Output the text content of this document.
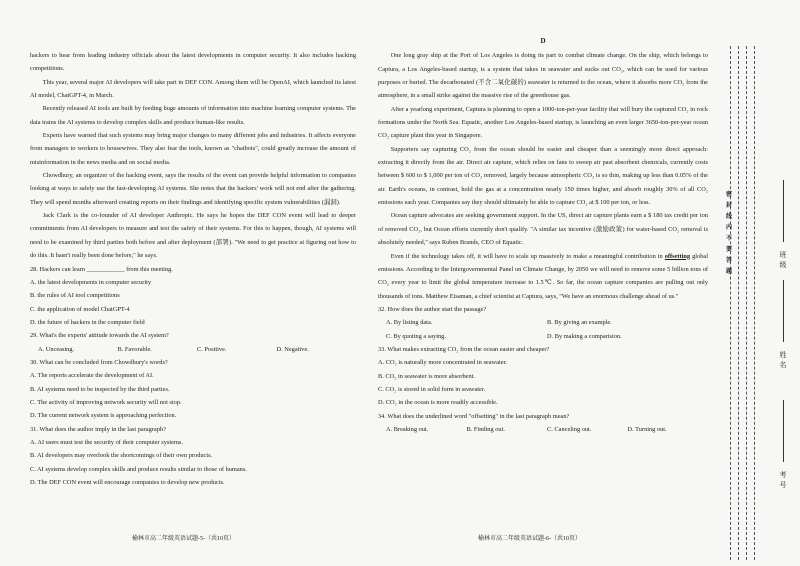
hackers to hear from leading industry officials about the latest developments in computer security. It also includes hacking competitions.

This year, several major AI developers will take part in DEF CON. Among them will be OpenAI, which launched its latest AI model, ChatGPT-4, in March.

Recently released AI tools are built by feeding huge amounts of information into machine learning computer systems. The data trains the AI systems to develop complex skills and produce human-like results.

Experts have warned that such systems may bring major changes to many different jobs and industries. It affects everyone from managers to workers to housewives. They also fear the tools, known as "chatbots", could greatly increase the amount of misinformation in the news media and on social media.

Chowdhury, an organizer of the hacking event, says the results of the event can provide helpful information to companies looking at ways to safely use the fast-developing AI systems. She notes that the hackers' work will not end after the gathering. They will spend months afterward creating reports on their findings and identifying specific system vulnerabilities (漏洞).

Jack Clark is the co-founder of AI developer Anthropic. He says he hopes the DEF CON event will lead to deeper commitments from AI developers to measure and test the safety of their systems. For this to happen, though, AI systems will need to be examined by third parties both before and after deployment (部署). "We need to get practice at figuring out how to do this. It hasn't really been done before," he says.

28. Hackers can learn ____________ from this meeting.

A. the latest developments in computer security

B. the rules of AI tool competitions

C. the application of model ChatGPT-4

D. the future of hackers in the computer field

29. What's the experts' attitude towards the AI system?

A. Unceasing.	B. Favorable.	C. Positive.	D. Negative.

30. What can be concluded from Chowdhury's words?

A. The reports accelerate the development of AI.

B. AI systems need to be inspected by the third parties.

C. The activity of improving network security will not stop.

D. The current network system is approaching perfection.

31. What does the author imply in the last paragraph?

A. AI users must test the security of their computer systems.

B. AI developers may overlook the shortcomings of their own products.

C. AI systems develop complex skills and produce results similar to those of humans.

D. The DEF CON event will encourage companies to develop new products.

D

One long gray ship at the Port of Los Angeles is doing its part to combat climate change. On the ship, which belongs to Captura, a Los Angeles-based startup, is a system that takes in seawater and sucks out CO₂, which can be used for various purposes or buried. The decarbonated (不含二氧化碳的) seawater is returned to the ocean, where it absorbs more CO₂ from the atmosphere, in a small strike against the massive rise of the greenhouse gas.

After a yearlong experiment, Captura is planning to open a 1000-ton-per-year facility that will bury the captured CO₂ in rock formations under the North Sea. Equatic, another Los Angeles-based startup, is launching an even larger 3650-ton-per-year ocean CO₂ capture plant this year in Singapore.

Supporters say capturing CO₂ from the ocean should be easier and cheaper than a seemingly more direct approach: extracting it directly from the air. Direct air capture, which relies on fans to sweep air past absorbent chemicals, currently costs between $ 600 to $ 1,000 per ton of CO₂ removed, largely because atmospheric CO₂ is so thin, making up less than 0.05% of the air. Earth's oceans, in contrast, hold the gas at a concentration nearly 150 times higher, and absorb roughly 30% of all CO₂ emissions each year. Companies say they should ultimately be able to capture CO₂ at $ 100 per ton, or less.

Ocean capture advocates are seeking government support. In the US, direct air capture plants earn a $ 180 tax credit per ton of removed CO₂, but Ocean efforts currently don't qualify. "A similar tax incentive (激励政策) for water-based CO₂ removal is absolutely needed," says Ruben Brands, CEO of Equatic.

Even if the technology takes off, it will have to scale up massively to make a meaningful contribution in offsetting global emissions. According to the Intergovernmental Panel on Climate Change, by 2050 we will need to remove some 5 billion tons of CO₂ every year to limit the global temperature increase to 1.5℃. So far, the ocean capture companies are pulling out only thousands of tons. Matthew Eisaman, a chief scientist at Captura, says, "We have an enormous challenge ahead of us."

32. How does the author start the passage?

A. By listing data.	B. By giving an example.
C. By quoting a saying.	D. By making a comparision.

33. What makes extracting CO₂ from the ocean easier and cheaper?

A. CO₂ is naturally more concentrated in seawater.

B. CO₂ in seawater is more absorbent.

C. CO₂ is stored in solid form in seawater.

D. CO₂ in the ocean is more readily accessible.

34. What does the underlined word "offsetting" in the last paragraph mean?

A. Breaking out.	B. Finding out.	C. Canceling out.	D. Turning out.
榆林市高二年级英语试题-5-（共10页）	榆林市高二年级英语试题-6-（共10页）
密
封
线
内
不
要
答
题
班级
姓名
考号
